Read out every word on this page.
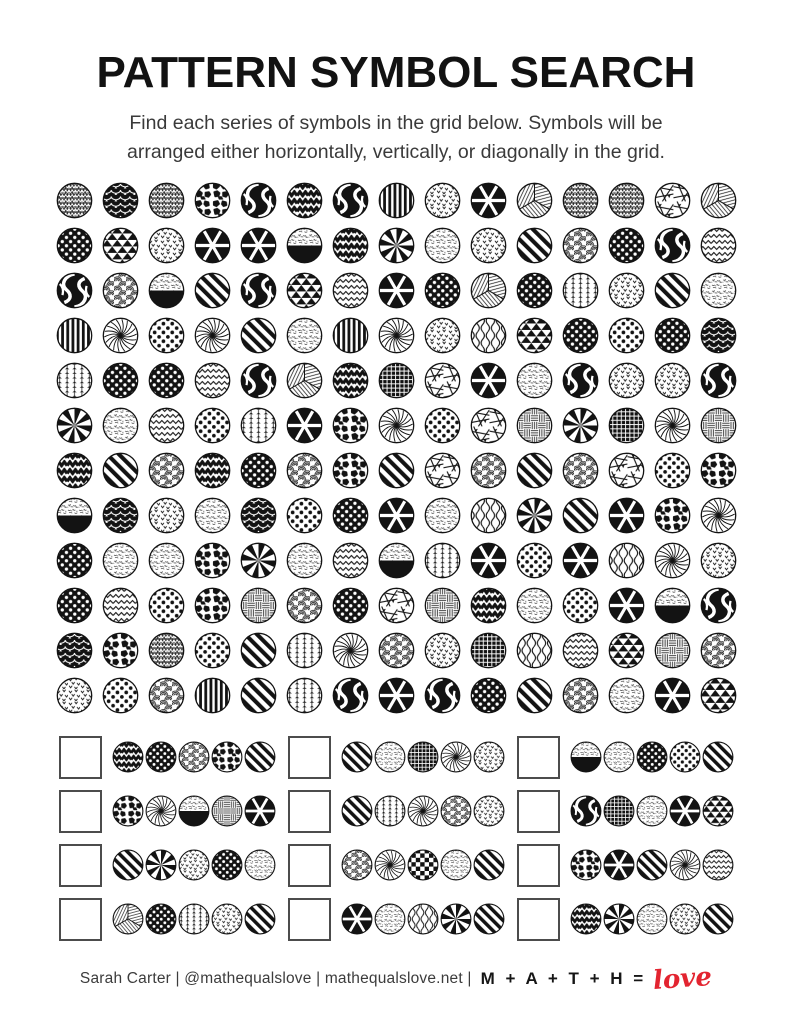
PATTERN SYMBOL SEARCH
Find each series of symbols in the grid below. Symbols will be
arranged either horizontally, vertically, or diagonally in the grid.
Sarah Carter | @mathequalslove | mathequalslove.net | M + A + T + H = love
